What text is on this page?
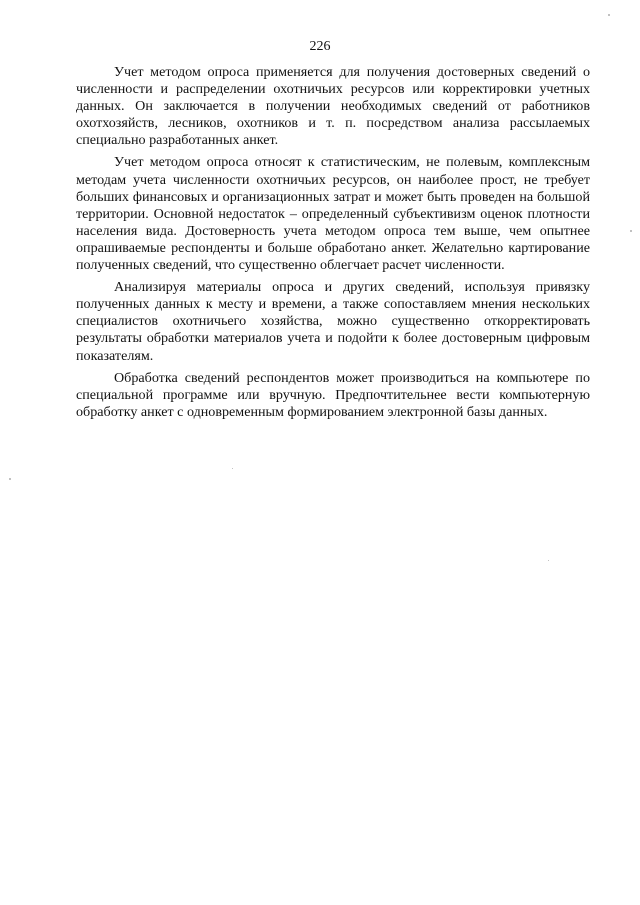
226

Учет методом опроса применяется для получения достоверных сведений о численности и распределении охотничьих ресурсов или корректировки учетных данных. Он заключается в получении необходимых сведений от работников охотхозяйств, лесников, охотников и т. п. посредством анализа рассылаемых специально разработанных анкет.

Учет методом опроса относят к статистическим, не полевым, комплексным методам учета численности охотничьих ресурсов, он наиболее прост, не требует больших финансовых и организационных затрат и может быть проведен на большой территории. Основной недостаток – определенный субъективизм оценок плотности населения вида. Достоверность учета методом опроса тем выше, чем опытнее опрашиваемые респонденты и больше обработано анкет. Желательно картирование полученных сведений, что существенно облегчает расчет численности.

Анализируя материалы опроса и других сведений, используя привязку полученных данных к месту и времени, а также сопоставляем мнения нескольких специалистов охотничьего хозяйства, можно существенно откорректировать результаты обработки материалов учета и подойти к более достоверным цифровым показателям.

Обработка сведений респондентов может производиться на компьютере по специальной программе или вручную. Предпочтительнее вести компьютерную обработку анкет с одновременным формированием электронной базы данных.
